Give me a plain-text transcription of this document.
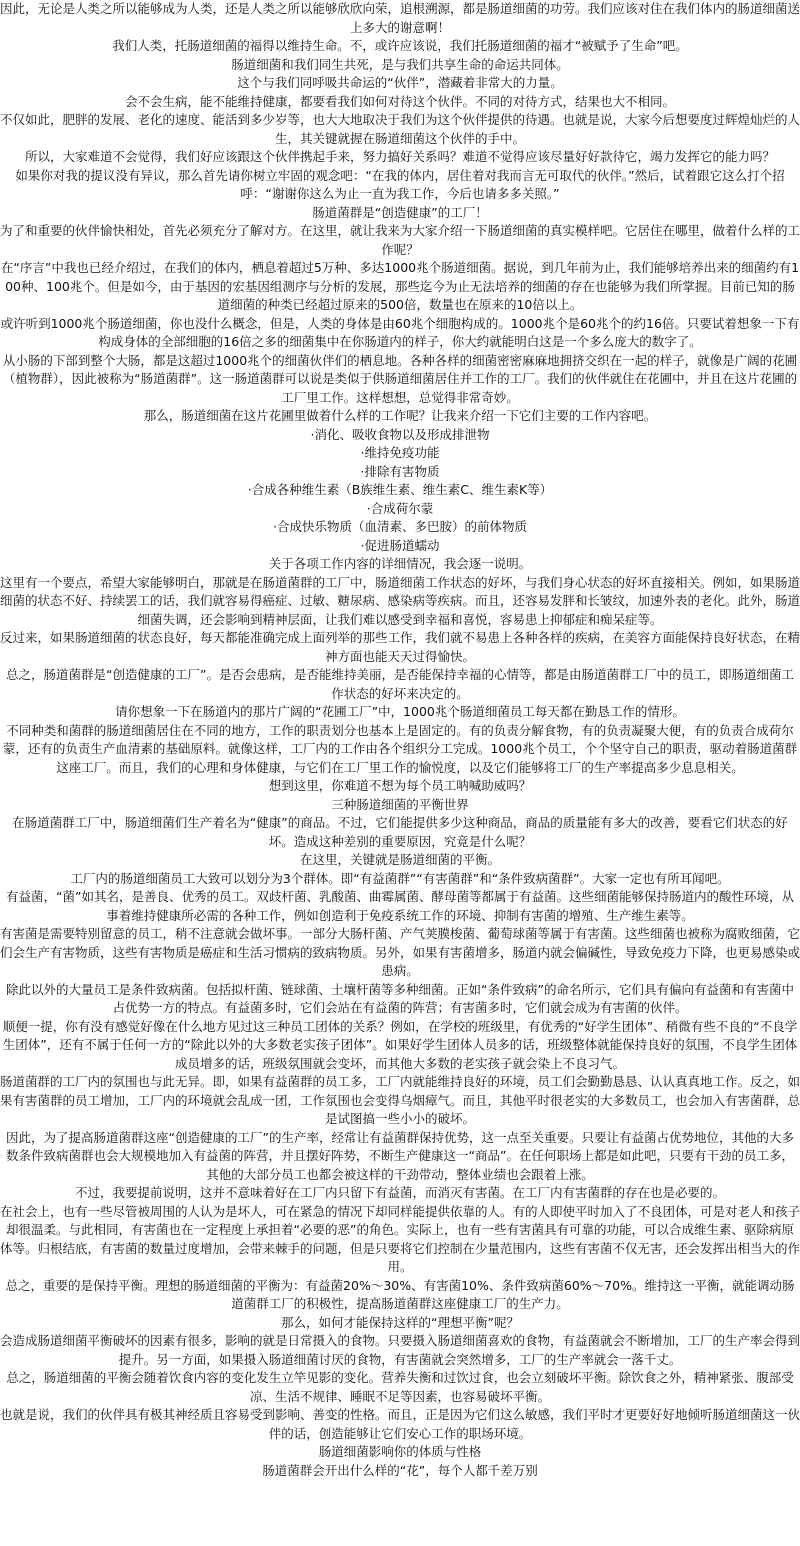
因此，无论是人类之所以能够成为人类，还是人类之所以能够欣欣向荣，追根溯源，都是肠道细菌的功劳。我们应该对住在我们体内的肠道细菌送上多大的谢意啊！

我们人类，托肠道细菌的福得以维持生命。不，或许应该说，我们托肠道细菌的福才“被赋予了生命”吧。

肠道细菌和我们同生共死，是与我们共享生命的命运共同体。

这个与我们同呼吸共命运的“伙伴”，潜藏着非常大的力量。

会不会生病，能不能维持健康，都要看我们如何对待这个伙伴。不同的对待方式，结果也大不相同。

不仅如此，肥胖的发展、老化的速度、能活到多少岁等，也大大地取决于我们为这个伙伴提供的待遇。也就是说，大家今后想要度过辉煌灿烂的人生，其关键就握在肠道细菌这个伙伴的手中。

所以，大家难道不会觉得，我们好应该跟这个伙伴携起手来，努力搞好关系吗？难道不觉得应该尽量好好款待它，竭力发挥它的能力吗？

如果你对我的提议没有异议，那么首先请你树立牢固的观念吧：“在我的体内，居住着对我而言无可取代的伙伴。”然后，试着跟它这么打个招呼：“谢谢你这么为止一直为我工作，今后也请多多关照。”

肠道菌群是“创造健康”的工厂！

为了和重要的伙伴愉快相处，首先必须充分了解对方。在这里，就让我来为大家介绍一下肠道细菌的真实模样吧。它居住在哪里，做着什么样的工作呢？

在“序言”中我也已经介绍过，在我们的体内，栖息着超过5万种、多达1000兆个肠道细菌。据说，到几年前为止，我们能够培养出来的细菌约有100种、100兆个。但是如今，由于基因的宏基因组测序与分析的发展，那些迄今为止无法培养的细菌的存在也能够为我们所掌握。目前已知的肠道细菌的种类已经超过原来的500倍，数量也在原来的10倍以上。

或许听到1000兆个肠道细菌，你也没什么概念，但是，人类的身体是由60兆个细胞构成的。1000兆个是60兆个的约16倍。只要试着想象一下有构成身体的全部细胞的16倍之多的细菌集中在你肠道内的样子，你大约就能明白这是一个多么庞大的数字了。

从小肠的下部到整个大肠，都是这超过1000兆个的细菌伙伴们的栖息地。各种各样的细菌密密麻麻地拥挤交织在一起的样子，就像是广阔的花圃（植物群），因此被称为“肠道菌群”。这一肠道菌群可以说是类似于供肠道细菌居住并工作的工厂。我们的伙伴就住在花圃中，并且在这片花圃的工厂里工作。这样想想，总觉得非常奇妙。

那么，肠道细菌在这片花圃里做着什么样的工作呢？让我来介绍一下它们主要的工作内容吧。

·消化、吸收食物以及形成排泄物

·维持免疫功能

·排除有害物质

·合成各种维生素（B族维生素、维生素C、维生素K等）

·合成荷尔蒙

·合成快乐物质（血清素、多巴胺）的前体物质

·促进肠道蠕动

关于各项工作内容的详细情况，我会逐一说明。

这里有一个要点，希望大家能够明白，那就是在肠道菌群的工厂中，肠道细菌工作状态的好坏，与我们身心状态的好坏直接相关。例如，如果肠道细菌的状态不好、持续罢工的话，我们就容易得癌症、过敏、糖尿病、感染病等疾病。而且，还容易发胖和长皱纹，加速外表的老化。此外，肠道细菌失调，还会影响到精神层面，让我们难以感受到幸福和喜悦，容易患上抑郁症和痴呆症等。

反过来，如果肠道细菌的状态良好，每天都能准确完成上面列举的那些工作，我们就不易患上各种各样的疾病，在美容方面能保持良好状态，在精神方面也能天天过得愉快。

总之，肠道菌群是“创造健康的工厂”。是否会患病，是否能维持美丽，是否能保持幸福的心情等，都是由肠道菌群工厂中的员工，即肠道细菌工作状态的好坏来决定的。

请你想象一下在肠道内的那片广阔的“花圃工厂”中，1000兆个肠道细菌员工每天都在勤恳工作的情形。

不同种类和菌群的肠道细菌居住在不同的地方，工作的职责划分也基本上是固定的。有的负责分解食物，有的负责凝聚大便，有的负责合成荷尔蒙，还有的负责生产血清素的基础原料。就像这样，工厂内的工作由各个组织分工完成。1000兆个员工，个个坚守自己的职责，驱动着肠道菌群这座工厂。而且，我们的心理和身体健康，与它们在工厂里工作的愉悦度，以及它们能够将工厂的生产率提高多少息息相关。

想到这里，你难道不想为每个员工呐喊助威吗？

三种肠道细菌的平衡世界

在肠道菌群工厂中，肠道细菌们生产着名为“健康”的商品。不过，它们能提供多少这种商品，商品的质量能有多大的改善，要看它们状态的好坏。造成这种差别的重要原因，究竟是什么呢？

在这里，关键就是肠道细菌的平衡。

工厂内的肠道细菌员工大致可以划分为3个群体。即“有益菌群”“有害菌群”和“条件致病菌群”。大家一定也有所耳闻吧。

有益菌，“菌”如其名，是善良、优秀的员工。双歧杆菌、乳酸菌、曲霉属菌、酵母菌等都属于有益菌。这些细菌能够保持肠道内的酸性环境，从事着维持健康所必需的各种工作，例如创造利于免疫系统工作的环境、抑制有害菌的增殖、生产维生素等。

有害菌是需要特别留意的员工，稍不注意就会做坏事。一部分大肠杆菌、产气荚膜梭菌、葡萄球菌等属于有害菌。这些细菌也被称为腐败细菌，它们会生产有害物质，这些有害物质是癌症和生活习惯病的致病物质。另外，如果有害菌增多，肠道内就会偏碱性，导致免疫力下降，也更易感染或患病。

除此以外的大量员工是条件致病菌。包括拟杆菌、链球菌、土壤杆菌等多种细菌。正如“条件致病”的命名所示，它们具有偏向有益菌和有害菌中占优势一方的特点。有益菌多时，它们会站在有益菌的阵营；有害菌多时，它们就会成为有害菌的伙伴。

顺便一提，你有没有感觉好像在什么地方见过这三种员工团体的关系？例如，在学校的班级里，有优秀的“好学生团体”、稍微有些不良的“不良学生团体”，还有不属于任何一方的“除此以外的大多数老实孩子团体”。如果好学生团体人员多的话，班级整体就能保持良好的氛围，不良学生团体成员增多的话，班级氛围就会变坏，而其他大多数的老实孩子就会染上不良习气。

肠道菌群的工厂内的氛围也与此无异。即，如果有益菌群的员工多，工厂内就能维持良好的环境，员工们会勤勤恳恳、认认真真地工作。反之，如果有害菌群的员工增加，工厂内的环境就会乱成一团，工作氛围也会变得乌烟瘴气。而且，其他平时很老实的大多数员工，也会加入有害菌群，总是试图搞一些小小的破坏。

因此，为了提高肠道菌群这座“创造健康的工厂”的生产率，经常让有益菌群保持优势，这一点至关重要。只要让有益菌占优势地位，其他的大多数条件致病菌群也会大规模地加入有益菌的阵营，并且摆好阵势，不断生产健康这一“商品”。在任何职场上都是如此吧，只要有干劲的员工多，其他的大部分员工也都会被这样的干劲带动，整体业绩也会跟着上涨。

不过，我要提前说明，这并不意味着好在工厂内只留下有益菌，而消灭有害菌。在工厂内有害菌群的存在也是必要的。

在社会上，也有一些尽管被周围的人认为是坏人，可在紧急的情况下却同样能提供依靠的人。有的人即使平时加入了不良团体，可是对老人和孩子却很温柔。与此相同，有害菌也在一定程度上承担着“必要的恶”的角色。实际上，也有一些有害菌具有可靠的功能，可以合成维生素、驱除病原体等。归根结底，有害菌的数量过度增加，会带来棘手的问题，但是只要将它们控制在少量范围内，这些有害菌不仅无害，还会发挥出相当大的作用。

总之，重要的是保持平衡。理想的肠道细菌的平衡为：有益菌20%～30%、有害菌10%、条件致病菌60%～70%。维持这一平衡，就能调动肠道菌群工厂的积极性，提高肠道菌群这座健康工厂的生产力。

那么，如何才能保持这样的“理想平衡”呢？

会造成肠道细菌平衡破坏的因素有很多，影响的就是日常摄入的食物。只要摄入肠道细菌喜欢的食物，有益菌就会不断增加，工厂的生产率会得到提升。另一方面，如果摄入肠道细菌讨厌的食物，有害菌就会突然增多，工厂的生产率就会一落千丈。

总之，肠道细菌的平衡会随着饮食内容的变化发生立竿见影的变化。营养失衡和过饮过食，也会立刻破坏平衡。除饮食之外，精神紧张、腹部受凉、生活不规律、睡眠不足等因素，也容易破坏平衡。

也就是说，我们的伙伴具有极其神经质且容易受到影响、善变的性格。而且，正是因为它们这么敏感，我们平时才更要好好地倾听肠道细菌这一伙伴的话，创造能够让它们安心工作的职场环境。

肠道细菌影响你的体质与性格

肠道菌群会开出什么样的“花”，每个人都千差万别
